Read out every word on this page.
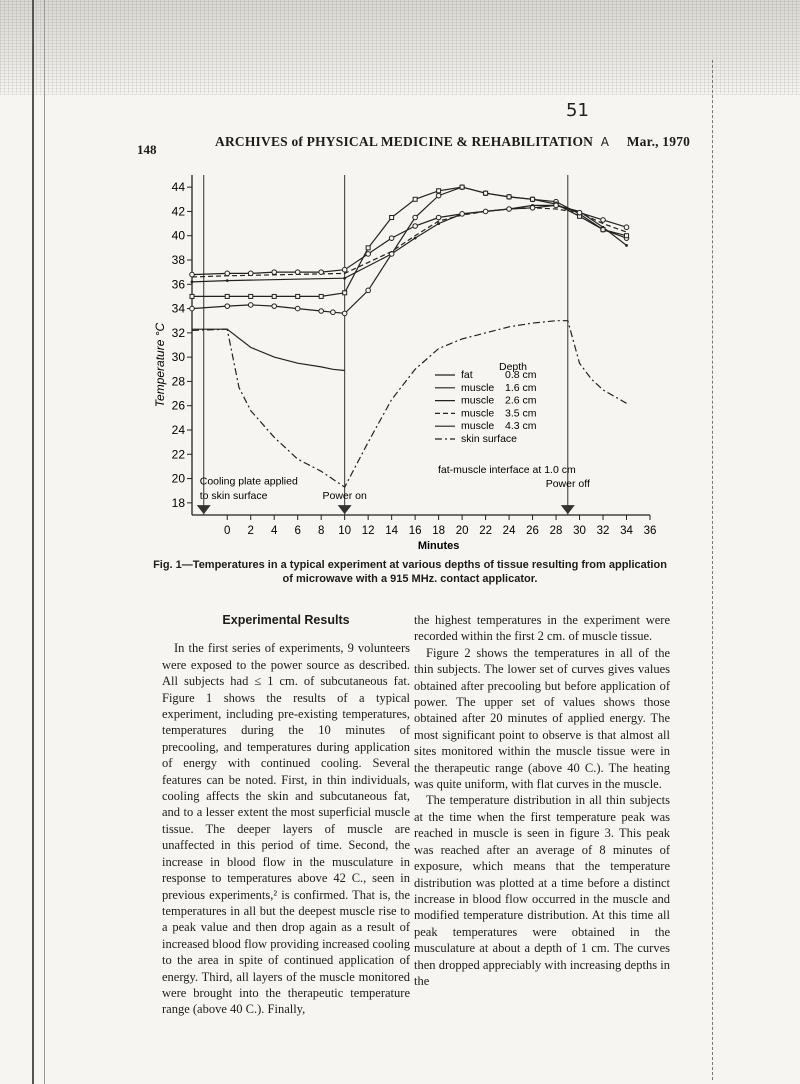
148
ARCHIVES of PHYSICAL MEDICINE & REHABILITATION A Mar., 1970
51
18
20
22
24
26
28
30
32
34
36
38
40
42
44
0 2 4 6 8 10 12 14 16 18 20 22 24 26 28 30 32 34 36
Minutes
Temperature °C	Depth
fat	0.8 cm
muscle 1.6 cm
muscle 2.6 cm
muscle 3.5 cm
muscle 4.3 cm
skin surface
fat-muscle interface at 1.0 cm
Cooling plate applied
to skin surface	Power on
Power off
Fig. 1—Temperatures in a typical experiment at various depths of tissue resulting from application of microwave with a 915 MHz. contact applicator.
Experimental Results

In the first series of experiments, 9 volunteers were exposed to the power source as described. All subjects had ≤ 1 cm. of subcutaneous fat. Figure 1 shows the results of a typical experiment, including pre-existing temperatures, temperatures during the 10 minutes of precooling, and temperatures during application of energy with continued cooling. Several features can be noted. First, in thin individuals, cooling affects the skin and subcutaneous fat, and to a lesser extent the most superficial muscle tissue. The deeper layers of muscle are unaffected in this period of time. Second, the increase in blood flow in the musculature in response to temperatures above 42 C., seen in previous experiments,² is confirmed. That is, the temperatures in all but the deepest muscle rise to a peak value and then drop again as a result of increased blood flow providing increased cooling to the area in spite of continued application of energy. Third, all layers of the muscle monitored were brought into the therapeutic temperature range (above 40 C.). Finally,

the highest temperatures in the experiment were recorded within the first 2 cm. of muscle tissue.

Figure 2 shows the temperatures in all of the thin subjects. The lower set of curves gives values obtained after precooling but before application of power. The upper set of values shows those obtained after 20 minutes of applied energy. The most significant point to observe is that almost all sites monitored within the muscle tissue were in the therapeutic range (above 40 C.). The heating was quite uniform, with flat curves in the muscle.

The temperature distribution in all thin subjects at the time when the first temperature peak was reached in muscle is seen in figure 3. This peak was reached after an average of 8 minutes of exposure, which means that the temperature distribution was plotted at a time before a distinct increase in blood flow occurred in the muscle and modified temperature distribution. At this time all peak temperatures were obtained in the musculature at about a depth of 1 cm. The curves then dropped appreciably with increasing depths in the
